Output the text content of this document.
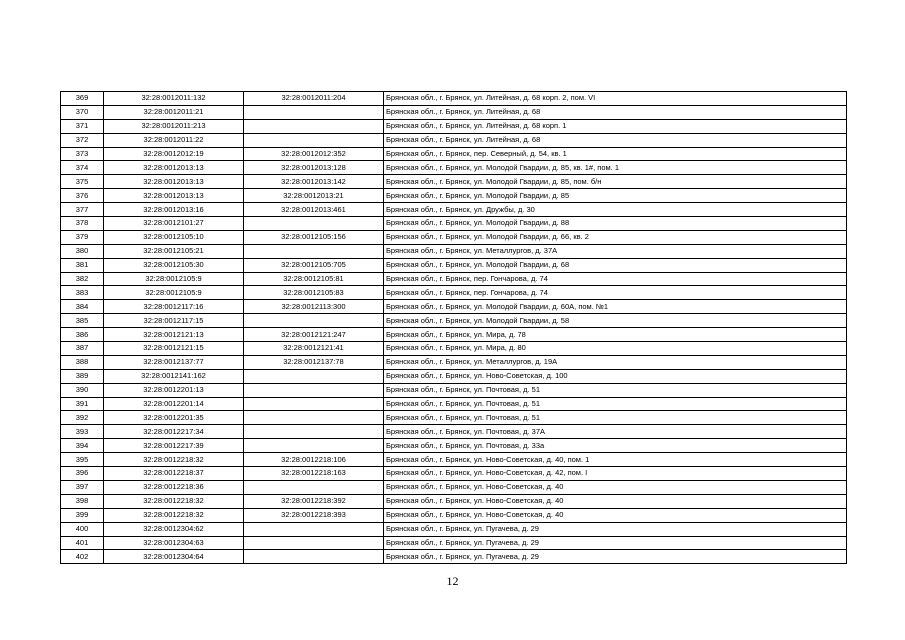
369	32:28:0012011:132	32:28:0012011:204	Брянская обл., г. Брянск, ул. Литейная, д. 68 корп. 2, пом. VI
370	32:28:0012011:21		Брянская обл., г. Брянск, ул. Литейная, д. 68
371	32:28:0012011:213		Брянская обл., г. Брянск, ул. Литейная, д. 68 корп. 1
372	32:28:0012011:22		Брянская обл., г. Брянск, ул. Литейная, д. 68
373	32:28:0012012:19	32:28:0012012:352	Брянская обл., г. Брянск, пер. Северный, д. 54, кв. 1
374	32:28:0012013:13	32:28:0012013:128	Брянская обл., г. Брянск, ул. Молодой Гвардии, д. 85, кв. 1#, пом. 1
375	32:28:0012013:13	32:28:0012013:142	Брянская обл., г. Брянск, ул. Молодой Гвардии, д. 85, пом. б/н
376	32:28:0012013:13	32:28:0012013:21	Брянская обл., г. Брянск, ул. Молодой Гвардии, д. 85
377	32:28:0012013:16	32:28:0012013:461	Брянская обл., г. Брянск, ул. Дружбы, д. 30
378	32:28:0012101:27		Брянская обл., г. Брянск, ул. Молодой Гвардии, д. 88
379	32:28:0012105:10	32:28:0012105:156	Брянская обл., г. Брянск, ул. Молодой Гвардии, д. 66, кв. 2
380	32:28:0012105:21		Брянская обл., г. Брянск, ул. Металлургов, д. 37А
381	32:28:0012105:30	32:28:0012105:705	Брянская обл., г. Брянск, ул. Молодой Гвардии, д. 68
382	32:28:0012105:9	32:28:0012105:81	Брянская обл., г. Брянск, пер. Гончарова, д. 74
383	32:28:0012105:9	32:28:0012105:83	Брянская обл., г. Брянск, пер. Гончарова, д. 74
384	32:28:0012117:16	32:28:0012113:300	Брянская обл., г. Брянск, ул. Молодой Гвардии, д. 60А, пом. №1
385	32:28:0012117:15		Брянская обл., г. Брянск, ул. Молодой Гвардии, д. 58
386	32:28:0012121:13	32:28:0012121:247	Брянская обл., г. Брянск, ул. Мира, д. 78
387	32:28:0012121:15	32:28:0012121:41	Брянская обл., г. Брянск, ул. Мира, д. 80
388	32:28:0012137:77	32:28:0012137:78	Брянская обл., г. Брянск, ул. Металлургов, д. 19А
389	32:28:0012141:162		Брянская обл., г. Брянск, ул. Ново-Советская, д. 100
390	32:28:0012201:13		Брянская обл., г. Брянск, ул. Почтовая, д. 51
391	32:28:0012201:14		Брянская обл., г. Брянск, ул. Почтовая, д. 51
392	32:28:0012201:35		Брянская обл., г. Брянск, ул. Почтовая, д. 51
393	32:28:0012217:34		Брянская обл., г. Брянск, ул. Почтовая, д. 37А
394	32:28:0012217:39		Брянская обл., г. Брянск, ул. Почтовая, д. 33а
395	32:28:0012218:32	32:28:0012218:106	Брянская обл., г. Брянск, ул. Ново-Советская, д. 40, пом. 1
396	32:28:0012218:37	32:28:0012218:163	Брянская обл., г. Брянск, ул. Ново-Советская, д. 42, пом. I
397	32:28:0012218:36		Брянская обл., г. Брянск, ул. Ново-Советская, д. 40
398	32:28:0012218:32	32:28:0012218:392	Брянская обл., г. Брянск, ул. Ново-Советская, д. 40
399	32:28:0012218:32	32:28:0012218:393	Брянская обл., г. Брянск, ул. Ново-Советская, д. 40
400	32:28:0012304:62		Брянская обл., г. Брянск, ул. Пугачева, д. 29
401	32:28:0012304:63		Брянская обл., г. Брянск, ул. Пугачева, д. 29
402	32:28:0012304:64		Брянская обл., г. Брянск, ул. Пугачева, д. 29
12
